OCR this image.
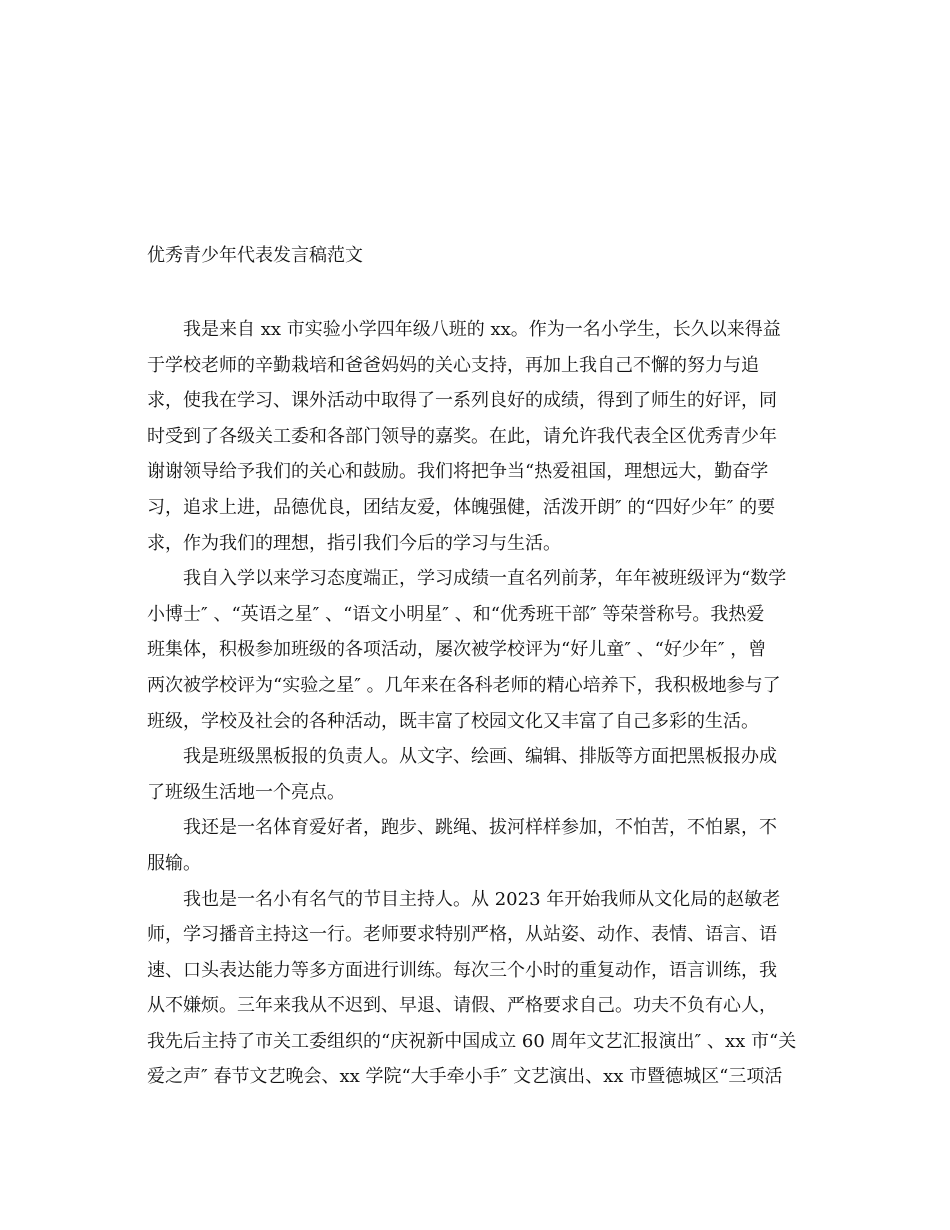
优秀青少年代表发言稿范文
我是来自 xx 市实验小学四年级八班的 xx。作为一名小学生，长久以来得益
于学校老师的辛勤栽培和爸爸妈妈的关心支持，再加上我自己不懈的努力与追
求，使我在学习、课外活动中取得了一系列良好的成绩，得到了师生的好评，同
时受到了各级关工委和各部门领导的嘉奖。在此，请允许我代表全区优秀青少年
谢谢领导给予我们的关心和鼓励。我们将把争当“热爱祖国，理想远大，勤奋学
习，追求上进，品德优良，团结友爱，体魄强健，活泼开朗″ 的“四好少年″ 的要
求，作为我们的理想，指引我们今后的学习与生活。
我自入学以来学习态度端正，学习成绩一直名列前茅，年年被班级评为“数学
小博士″ 、“英语之星″ 、“语文小明星″ 、和“优秀班干部″ 等荣誉称号。我热爱
班集体，积极参加班级的各项活动，屡次被学校评为“好儿童″ 、“好少年″ ，曾
两次被学校评为“实验之星″ 。几年来在各科老师的精心培养下，我积极地参与了
班级，学校及社会的各种活动，既丰富了校园文化又丰富了自己多彩的生活。
我是班级黑板报的负责人。从文字、绘画、编辑、排版等方面把黑板报办成
了班级生活地一个亮点。
我还是一名体育爱好者，跑步、跳绳、拔河样样参加，不怕苦，不怕累，不
服输。
我也是一名小有名气的节目主持人。从 2023 年开始我师从文化局的赵敏老
师，学习播音主持这一行。老师要求特别严格，从站姿、动作、表情、语言、语
速、口头表达能力等多方面进行训练。每次三个小时的重复动作，语言训练，我
从不嫌烦。三年来我从不迟到、早退、请假、严格要求自己。功夫不负有心人，
我先后主持了市关工委组织的“庆祝新中国成立 60 周年文艺汇报演出″ 、xx 市“关
爱之声″ 春节文艺晚会、xx 学院“大手牵小手″ 文艺演出、xx 市暨德城区“三项活
